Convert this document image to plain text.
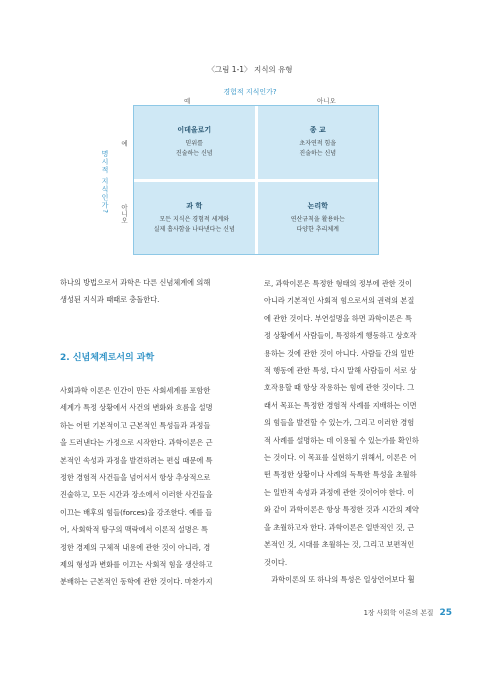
〈그림 1-1〉 지식의 유형
경험적 지식인가?
예	아니오
명시적 지식인가?
예
아니오
이데올로기
믿위를
진술하는 신념
종 교
초자연적 힘을
진술하는 신념
과 학
모든 지식은 경험적 세계와
실제 흡사함을 나타낸다는 신념
논리학
연산규칙을 활용하는
다양한 추리체계
하나의 방법으로서 과학은 다른 신념체계에 의해
생성된 지식과 때때로 충돌한다.
2. 신념체계로서의 과학
사회과학 이론은 인간이 만든 사회세계를 포함한
세계가 특정 상황에서 사건의 변화와 흐름을 설명
하는 어떤 기본적이고 근본적인 특성들과 과정들
을 드러낸다는 가정으로 시작한다. 과학이론은 근
본적인 속성과 과정을 발견하려는 편십 때문에 특
정한 경험적 사건들을 넘어서서 항상 추상적으로
진술하고, 모든 시간과 장소에서 이러한 사건들을
이끄는 배후의 힘들(forces)을 강조한다. 예를 들
어, 사회학적 탐구의 맥락에서 이론적 설명은 특
정한 경제의 구체적 내용에 관한 것이 아니라, 경
제의 형성과 변화를 이끄는 사회적 힘을 생산하고
분배하는 근본적인 동학에 관한 것이다. 마찬가지
로, 과학이론은 특정한 형태의 정부에 관한 것이
아니라 기본적인 사회적 힘으로서의 권력의 본질
에 관한 것이다. 부연설명을 하면 과학이론은 특
정 상황에서 사람들이, 특정하게 행동하고 상호작
용하는 것에 관한 것이 아니다. 사람들 간의 일반
적 행동에 관한 특성, 다시 말해 사람들이 서로 상
호작용할 때 항상 작용하는 힘에 관한 것이다. 그
래서 목표는 특정한 경험적 사례를 지배하는 이면
의 힘들을 발견할 수 있는가, 그리고 이러한 경험
적 사례를 설명하는 데 이용될 수 있는가를 확인하
는 것이다. 이 목표를 실현하기 위해서, 이론은 어
떤 특정한 상황이나 사례의 독특한 특성을 초월하
는 일반적 속성과 과정에 관한 것이어야 한다. 이
와 같이 과학이론은 항상 특정한 것과 시간의 제약
을 초월하고자 한다. 과학이론은 일반적인 것, 근
본적인 것, 시대를 초월하는 것, 그리고 보편적인
것이다.
　과학이론의 또 하나의 특성은 일상언어보다 훨
1장 사회학 이론의 본질 25
